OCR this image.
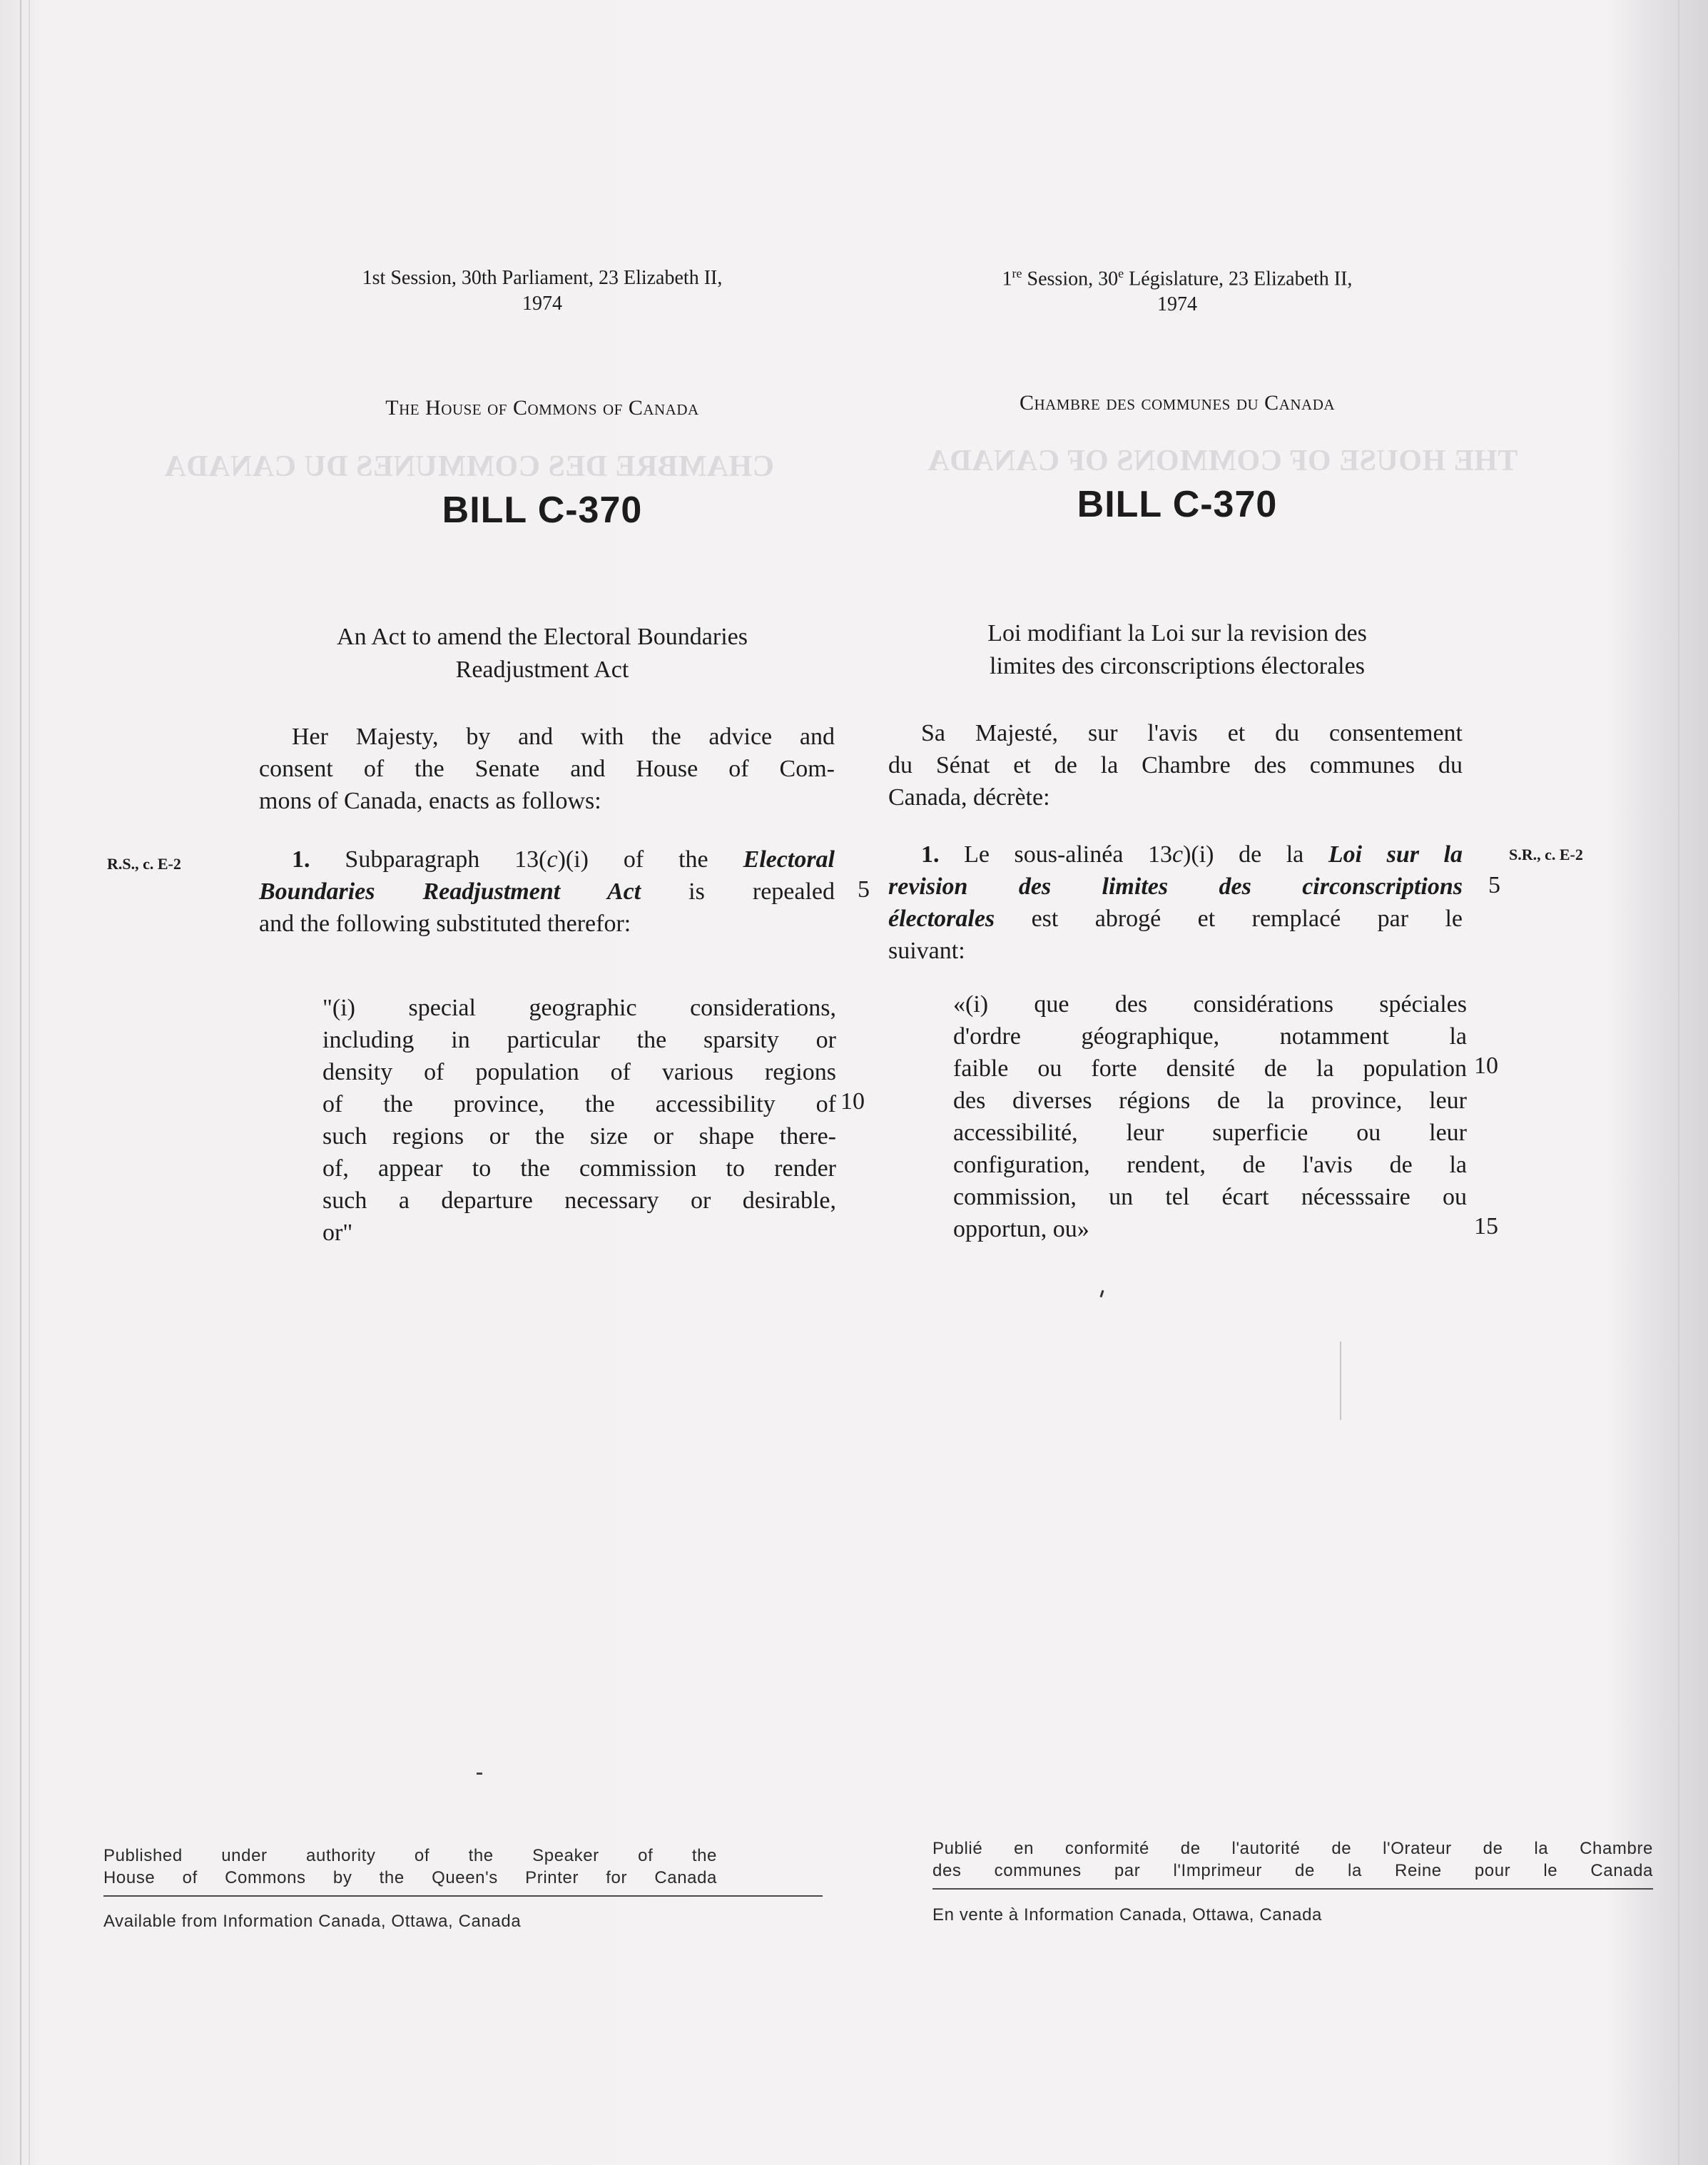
CHAMBRE DES COMMUNES DU CANADA	THE HOUSE OF COMMONS OF CANADA
1st Session, 30th Parliament, 23 Elizabeth II,
1974
The House of Commons of Canada
BILL C-370
An Act to amend the Electoral Boundaries
Readjustment Act
Her Majesty, by and with the advice and
consent of the Senate and House of Com-
mons of Canada, enacts as follows:
R.S., c. E-2	1. Subparagraph 13(c)(i) of the Electoral
Boundaries Readjustment Act is repealed
and the following substituted therefor:
5
"(i) special geographic considerations,
including in particular the sparsity or
density of population of various regions
of the province, the accessibility of
such regions or the size or shape there-
of, appear to the commission to render
such a departure necessary or desirable,
or"
10
Published under authority of the Speaker of the
House of Commons by the Queen's Printer for Canada
Available from Information Canada, Ottawa, Canada
1re Session, 30e Législature, 23 Elizabeth II,
1974
Chambre des communes du Canada
BILL C-370
Loi modifiant la Loi sur la revision des
limites des circonscriptions électorales
Sa Majesté, sur l'avis et du consentement
du Sénat et de la Chambre des communes du
Canada, décrète:
S.R., c. E-2
1. Le sous-alinéa 13c)(i) de la Loi sur la
revision des limites des circonscriptions
électorales est abrogé et remplacé par le
suivant:
5
«(i) que des considérations spéciales
d'ordre géographique, notamment la
faible ou forte densité de la population
des diverses régions de la province, leur
accessibilité, leur superficie ou leur
configuration, rendent, de l'avis de la
commission, un tel écart nécesssaire ou
opportun, ou»
10
15
Publié en conformité de l'autorité de l'Orateur de la Chambre
des communes par l'Imprimeur de la Reine pour le Canada
En vente à Information Canada, Ottawa, Canada
